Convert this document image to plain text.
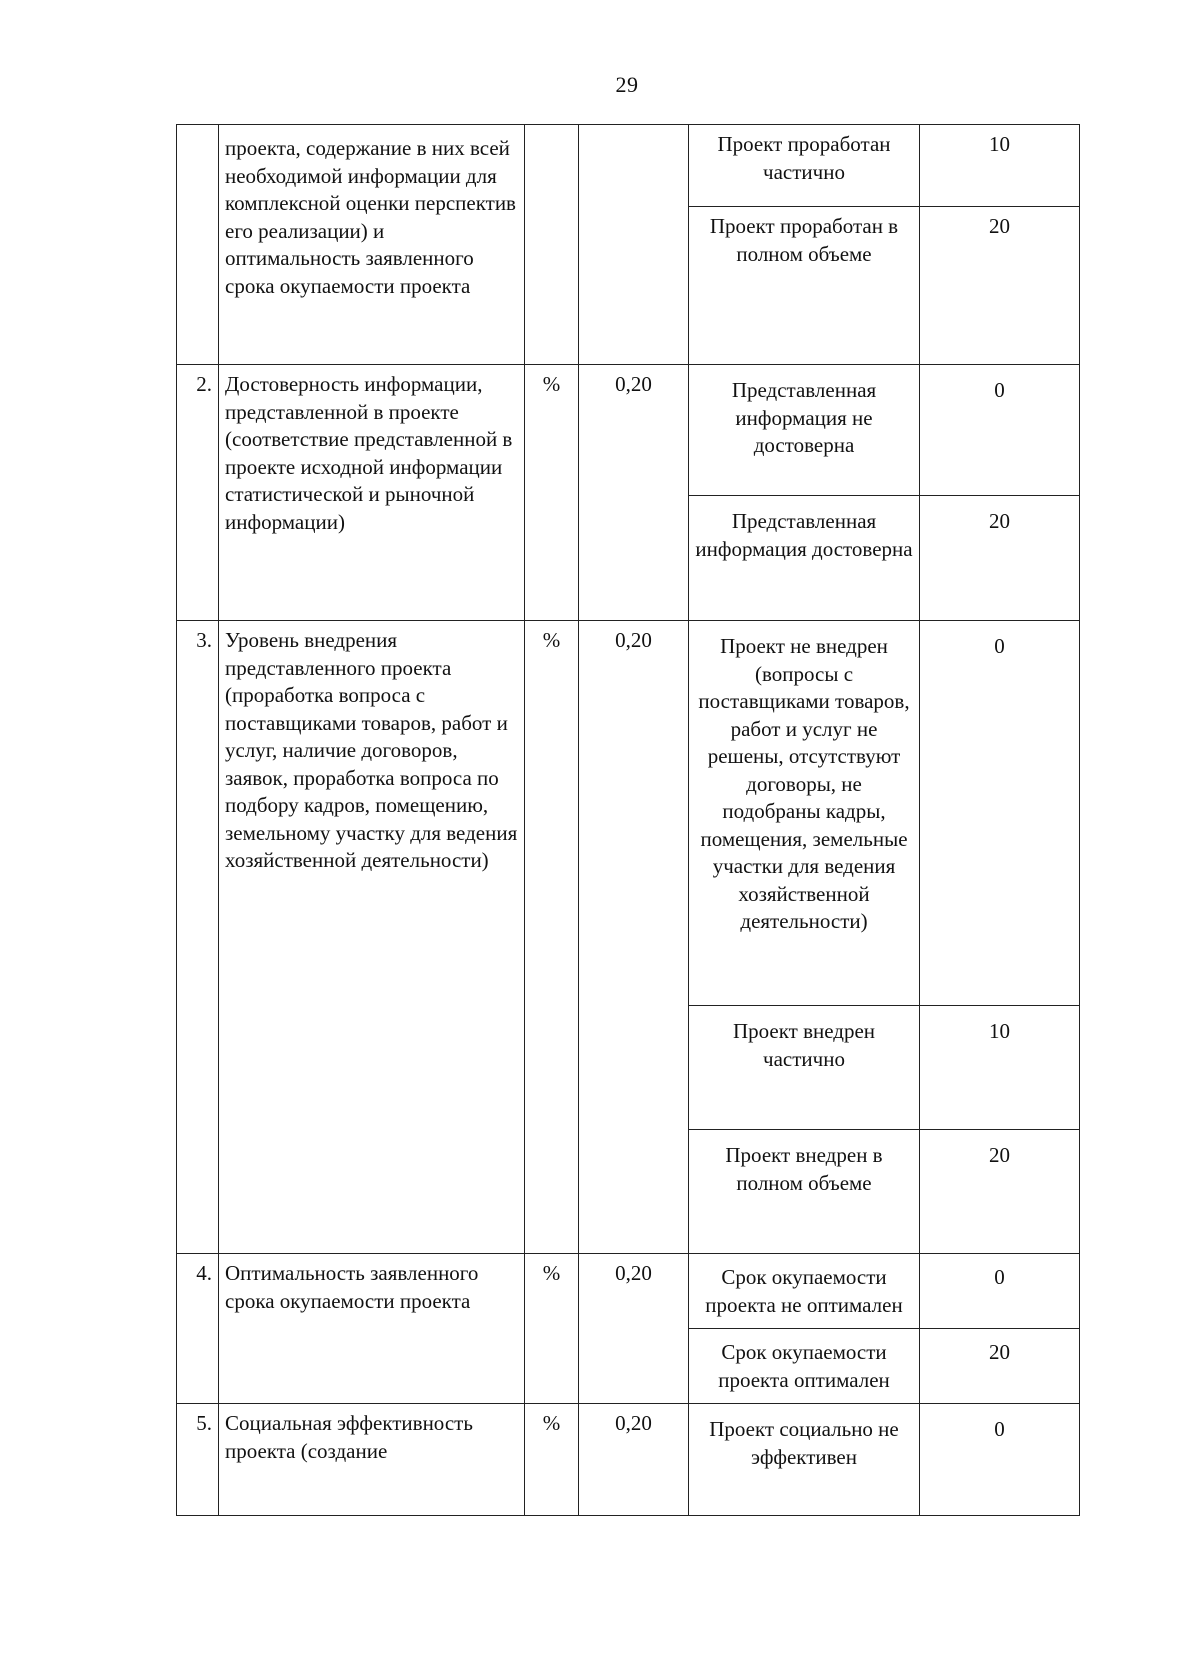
29

	проекта, содержание в них всей необходимой информации для комплексной оценки перспектив его реализации) и оптимальность заявленного срока окупаемости проекта			Проект проработан частично	10
				Проект проработан в полном объеме	20
2.	Достоверность информации, представленной в проекте (соответствие представленной в проекте исходной информации статистической и рыночной информации)	%	0,20	Представленная информация не достоверна	0
				Представленная информация достоверна	20
3.	Уровень внедрения представленного проекта (проработка вопроса с поставщиками товаров, работ и услуг, наличие договоров, заявок, проработка вопроса по подбору кадров, помещению, земельному участку для ведения хозяйственной деятельности)	%	0,20	Проект не внедрен (вопросы с поставщиками товаров, работ и услуг не решены, отсутствуют договоры, не подобраны кадры, помещения, земельные участки для ведения хозяйственной деятельности)	0
				Проект внедрен частично	10
				Проект внедрен в полном объеме	20
4.	Оптимальность заявленного срока окупаемости проекта	%	0,20	Срок окупаемости проекта не оптимален	0
				Срок окупаемости проекта оптимален	20
5.	Социальная эффективность проекта (создание	%	0,20	Проект социально не эффективен	0
